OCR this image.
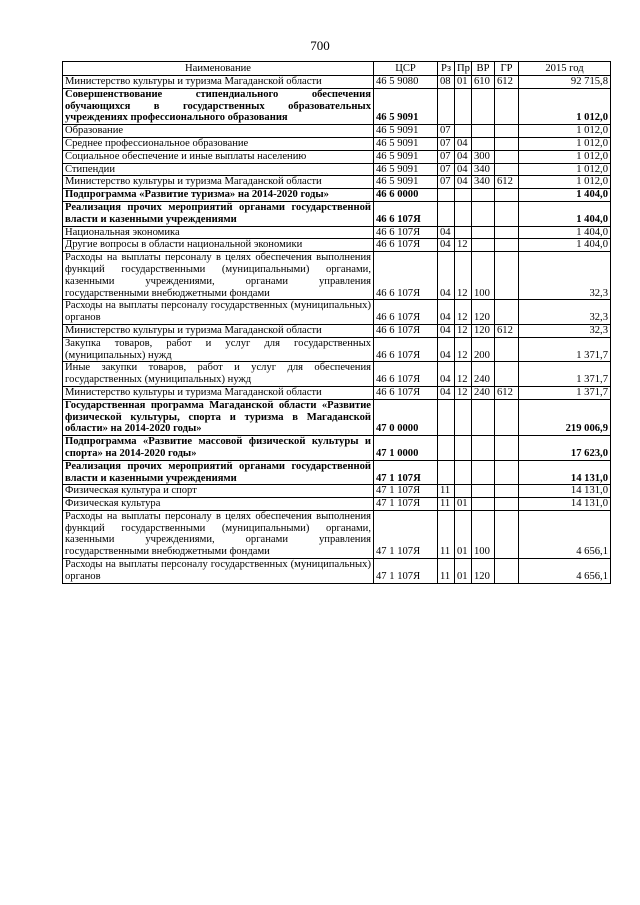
700
Наименование	ЦСР	Рз	Пр	ВР	ГР	2015 год
Министерство культуры и туризма Магаданской области	46 5 9080	08	01	610	612	92 715,8
Совершенствование стипендиального обеспечения обучающихся в государственных образовательных учреждениях профессионального образования	46 5 9091					1 012,0
Образование	46 5 9091	07				1 012,0
Среднее профессиональное образование	46 5 9091	07	04			1 012,0
Социальное обеспечение и иные выплаты населению	46 5 9091	07	04	300		1 012,0
Стипендии	46 5 9091	07	04	340		1 012,0
Министерство культуры и туризма Магаданской области	46 5 9091	07	04	340	612	1 012,0
Подпрограмма «Развитие туризма» на 2014-2020 годы»	46 6 0000					1 404,0
Реализация прочих мероприятий органами государственной власти и казенными учреждениями	46 6 107Я					1 404,0
Национальная экономика	46 6 107Я	04				1 404,0
Другие вопросы в области национальной экономики	46 6 107Я	04	12			1 404,0
Расходы на выплаты персоналу в целях обеспечения выполнения функций государственными (муниципальными) органами, казенными учреждениями, органами управления государственными внебюджетными фондами	46 6 107Я	04	12	100		32,3
Расходы на выплаты персоналу государственных (муниципальных) органов	46 6 107Я	04	12	120		32,3
Министерство культуры и туризма Магаданской области	46 6 107Я	04	12	120	612	32,3
Закупка товаров, работ и услуг для государственных (муниципальных) нужд	46 6 107Я	04	12	200		1 371,7
Иные закупки товаров, работ и услуг для обеспечения государственных (муниципальных) нужд	46 6 107Я	04	12	240		1 371,7
Министерство культуры и туризма Магаданской области	46 6 107Я	04	12	240	612	1 371,7
Государственная программа Магаданской области «Развитие физической культуры, спорта и туризма в Магаданской области» на 2014-2020 годы»	47 0 0000					219 006,9
Подпрограмма «Развитие массовой физической культуры и спорта» на 2014-2020 годы»	47 1 0000					17 623,0
Реализация прочих мероприятий органами государственной власти и казенными учреждениями	47 1 107Я					14 131,0
Физическая культура и спорт	47 1 107Я	11				14 131,0
Физическая культура	47 1 107Я	11	01			14 131,0
Расходы на выплаты персоналу в целях обеспечения выполнения функций государственными (муниципальными) органами, казенными учреждениями, органами управления государственными внебюджетными фондами	47 1 107Я	11	01	100		4 656,1
Расходы на выплаты персоналу государственных (муниципальных) органов	47 1 107Я	11	01	120		4 656,1
